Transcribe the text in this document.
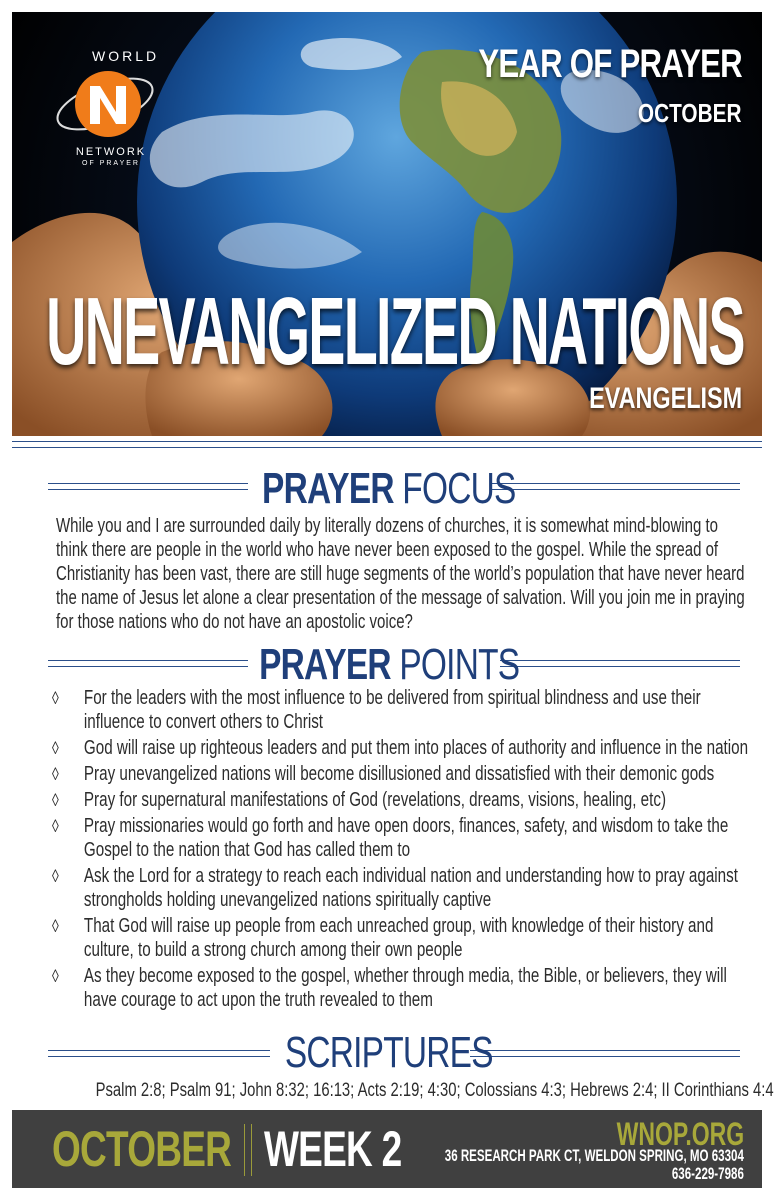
WORLD
NETWORK
OF PRAYER
YEAR OF PRAYER
OCTOBER
UNEVANGELIZED NATIONS
EVANGELISM
PRAYER FOCUS

While you and I are surrounded daily by literally dozens of churches, it is somewhat mind-blowing to think there are people in the world who have never been exposed to the gospel. While the spread of Christianity has been vast, there are still huge segments of the world’s population that have never heard the name of Jesus let alone a clear presentation of the message of salvation. Will you join me in praying for those nations who do not have an apostolic voice?

PRAYER POINTS
◊ For the leaders with the most influence to be delivered from spiritual blindness and use their influence to convert others to Christ
◊ God will raise up righteous leaders and put them into places of authority and influence in the nation
◊ Pray unevangelized nations will become disillusioned and dissatisfied with their demonic gods
◊ Pray for supernatural manifestations of God (revelations, dreams, visions, healing, etc)
◊ Pray missionaries would go forth and have open doors, finances, safety, and wisdom to take the Gospel to the nation that God has called them to
◊ Ask the Lord for a strategy to reach each individual nation and understanding how to pray against strongholds holding unevangelized nations spiritually captive
◊ That God will raise up people from each unreached group, with knowledge of their history and culture, to build a strong church among their own people
◊ As they become exposed to the gospel, whether through media, the Bible, or believers, they will have courage to act upon the truth revealed to them
SCRIPTURES
Psalm 2:8; Psalm 91; John 8:32; 16:13; Acts 2:19; 4:30; Colossians 4:3; Hebrews 2:4; II Corinthians 4:4
OCTOBER WEEK 2	WNOP.ORG
36 RESEARCH PARK CT, WELDON SPRING, MO 63304
636-229-7986
